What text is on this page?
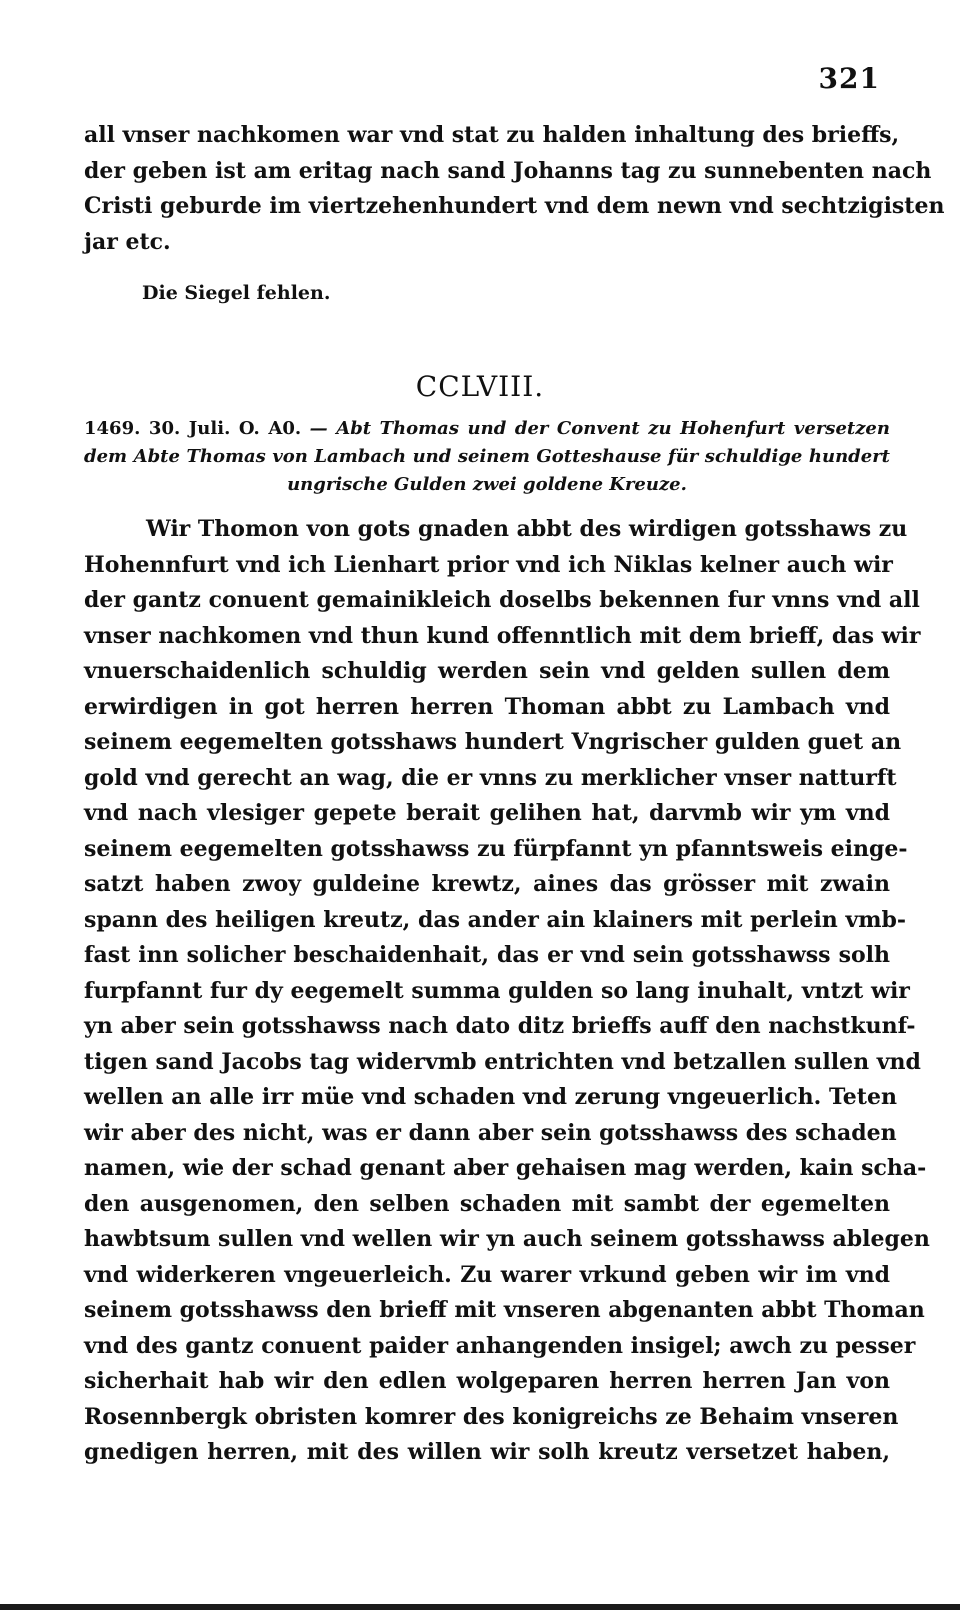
321
all vnser nachkomen war vnd stat zu halden inhaltung des brieffs,
der geben ist am eritag nach sand Johanns tag zu sunnebenten nach
Cristi geburde im viertzehenhundert vnd dem newn vnd sechtzigisten
jar etc.
Die Siegel fehlen.
CCLVIII.
1469. 30. Juli. O. A0. — Abt Thomas und der Convent zu Hohenfurt versetzen
dem Abte Thomas von Lambach und seinem Gotteshause für schuldige hundert
ungrische Gulden zwei goldene Kreuze.
Wir Thomon von gots gnaden abbt des wirdigen gotsshaws zu
Hohennfurt vnd ich Lienhart prior vnd ich Niklas kelner auch wir
der gantz conuent gemainikleich doselbs bekennen fur vnns vnd all
vnser nachkomen vnd thun kund offenntlich mit dem brieff, das wir
vnuerschaidenlich schuldig werden sein vnd gelden sullen dem
erwirdigen in got herren herren Thoman abbt zu Lambach vnd
seinem eegemelten gotsshaws hundert Vngrischer gulden guet an
gold vnd gerecht an wag, die er vnns zu merklicher vnser natturft
vnd nach vlesiger gepete berait gelihen hat, darvmb wir ym vnd
seinem eegemelten gotsshawss zu fürpfannt yn pfanntsweis einge-
satzt haben zwoy guldeine krewtz, aines das grösser mit zwain
spann des heiligen kreutz, das ander ain klainers mit perlein vmb-
fast inn solicher beschaidenhait, das er vnd sein gotsshawss solh
furpfannt fur dy eegemelt summa gulden so lang inuhalt, vntzt wir
yn aber sein gotsshawss nach dato ditz brieffs auff den nachstkunf-
tigen sand Jacobs tag widervmb entrichten vnd betzallen sullen vnd
wellen an alle irr müe vnd schaden vnd zerung vngeuerlich. Teten
wir aber des nicht, was er dann aber sein gotsshawss des schaden
namen, wie der schad genant aber gehaisen mag werden, kain scha-
den ausgenomen, den selben schaden mit sambt der egemelten
hawbtsum sullen vnd wellen wir yn auch seinem gotsshawss ablegen
vnd widerkeren vngeuerleich. Zu warer vrkund geben wir im vnd
seinem gotsshawss den brieff mit vnseren abgenanten abbt Thoman
vnd des gantz conuent paider anhangenden insigel; awch zu pesser
sicherhait hab wir den edlen wolgeparen herren herren Jan von
Rosennbergk obristen komrer des konigreichs ze Behaim vnseren
gnedigen herren, mit des willen wir solh kreutz versetzet haben,
